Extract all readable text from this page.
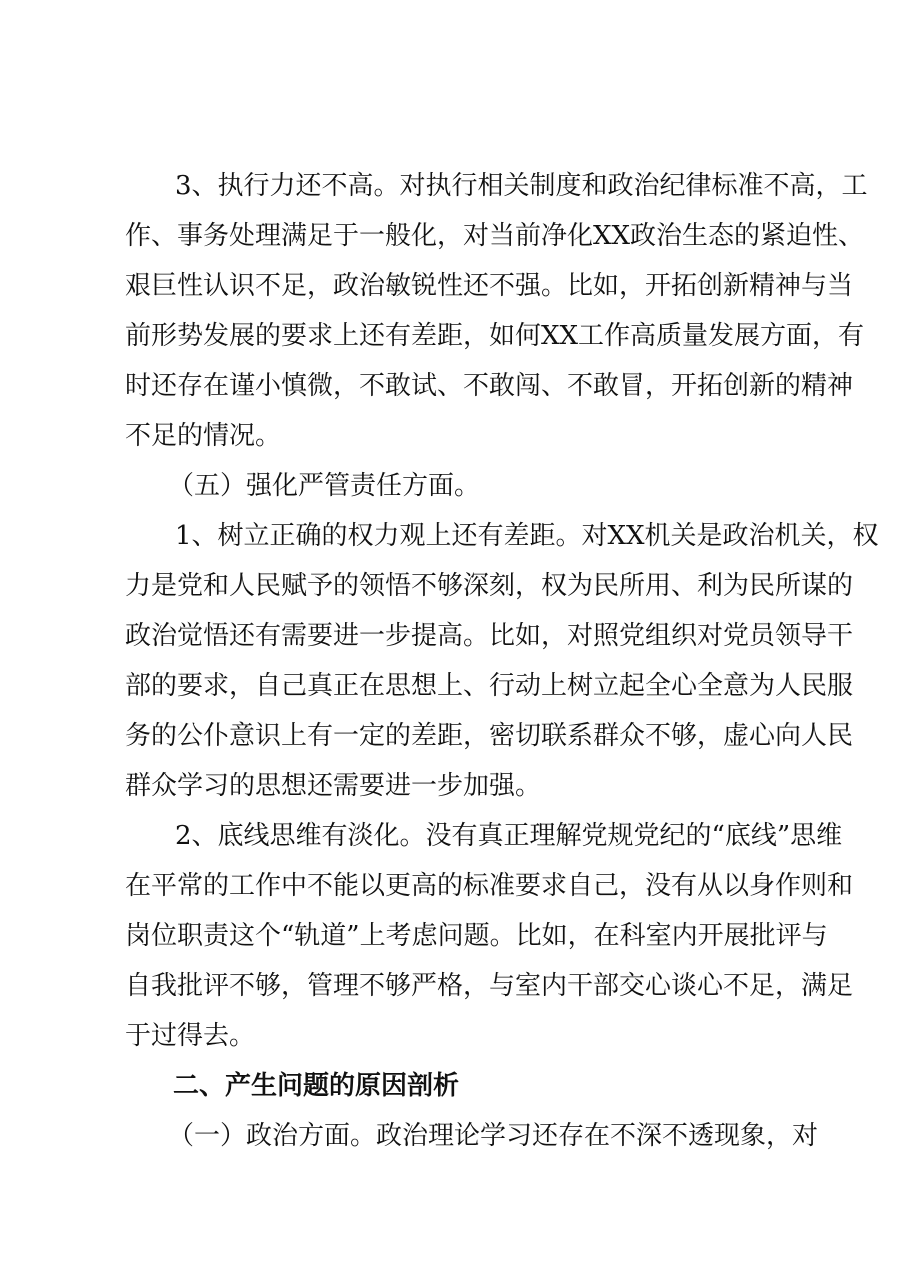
3、执行力还不高。对执行相关制度和政治纪律标准不高，工
作、事务处理满足于一般化，对当前净化XX政治生态的紧迫性、
艰巨性认识不足，政治敏锐性还不强。比如，开拓创新精神与当
前形势发展的要求上还有差距，如何XX工作高质量发展方面，有
时还存在谨小慎微，不敢试、不敢闯、不敢冒，开拓创新的精神
不足的情况。
（五）强化严管责任方面。
1、树立正确的权力观上还有差距。对XX机关是政治机关，权
力是党和人民赋予的领悟不够深刻，权为民所用、利为民所谋的
政治觉悟还有需要进一步提高。比如，对照党组织对党员领导干
部的要求，自己真正在思想上、行动上树立起全心全意为人民服
务的公仆意识上有一定的差距，密切联系群众不够，虚心向人民
群众学习的思想还需要进一步加强。
2、底线思维有淡化。没有真正理解党规党纪的“底线”思维
在平常的工作中不能以更高的标准要求自己，没有从以身作则和
岗位职责这个“轨道”上考虑问题。比如，在科室内开展批评与
自我批评不够，管理不够严格，与室内干部交心谈心不足，满足
于过得去。
二、产生问题的原因剖析
（一）政治方面。政治理论学习还存在不深不透现象，对
